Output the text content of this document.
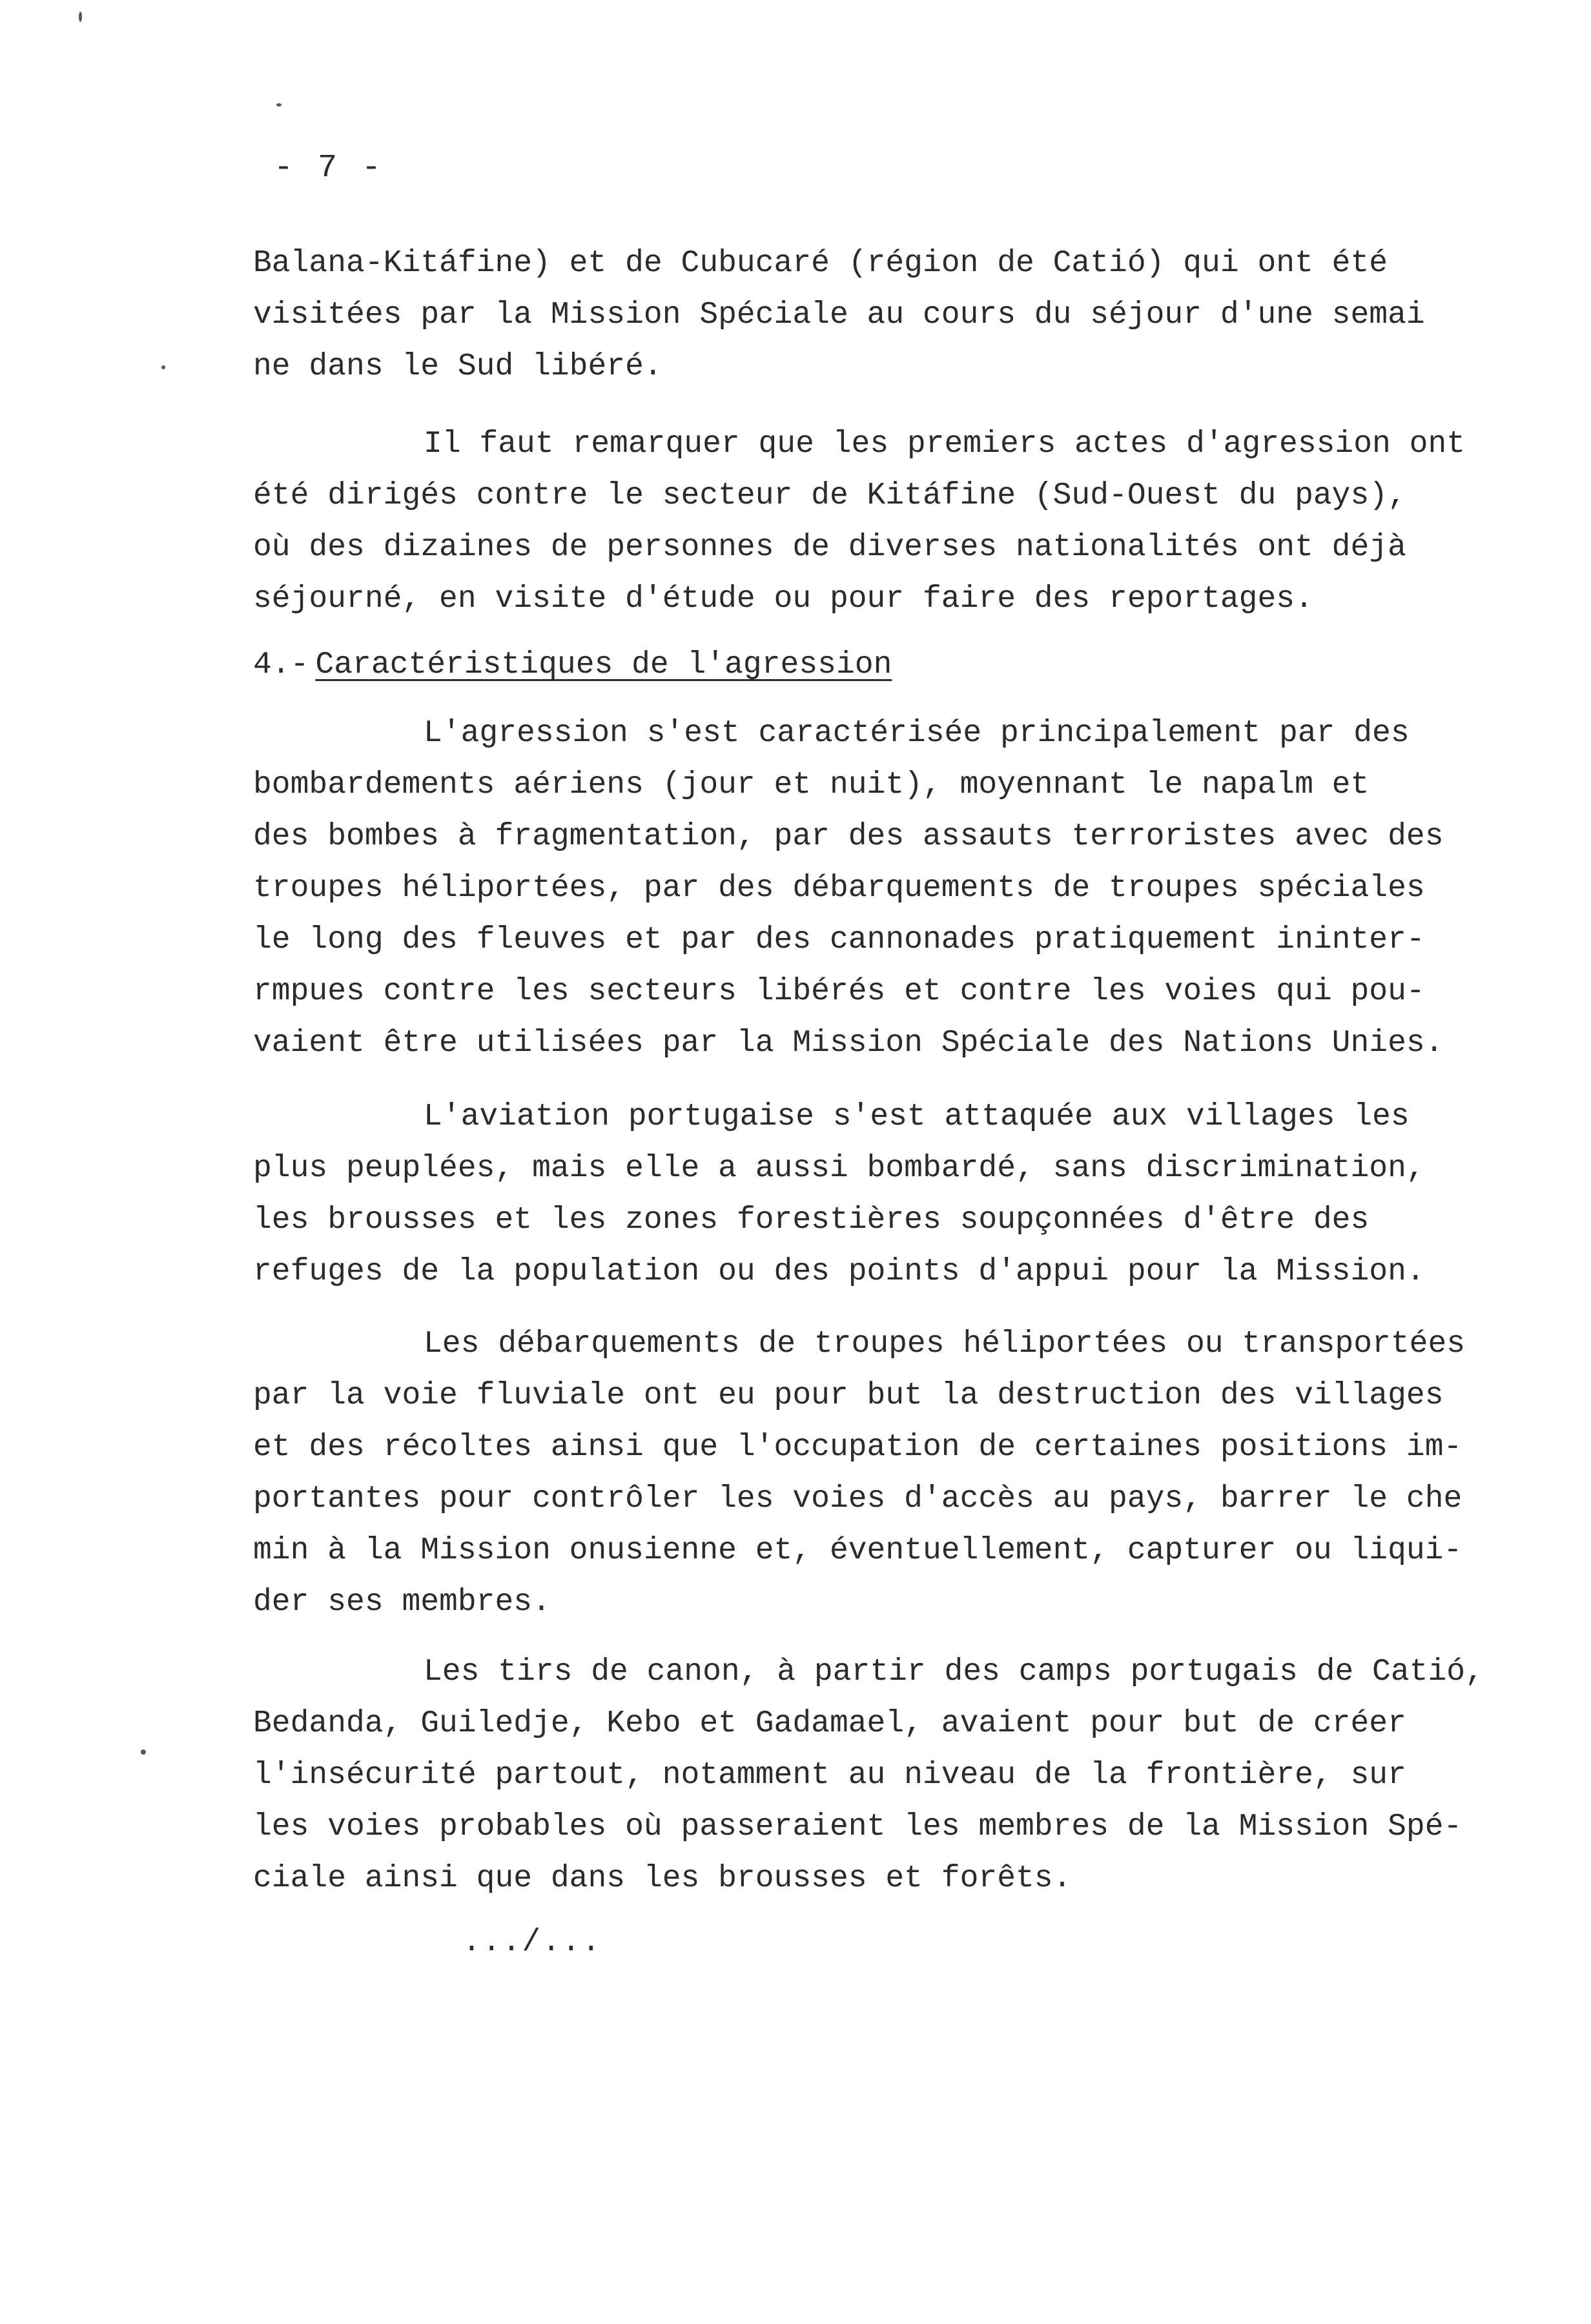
- 7 -
Balana-Kitáfine) et de Cubucaré (région de Catió) qui ont été
visitées par la Mission Spéciale au cours du séjour d'une semai
ne dans le Sud libéré.
Il faut remarquer que les premiers actes d'agression ont
été dirigés contre le secteur de Kitáfine (Sud-Ouest du pays),
où des dizaines de personnes de diverses nationalités ont déjà
séjourné, en visite d'étude ou pour faire des reportages.
4.- Caractéristiques de l'agression
L'agression s'est caractérisée principalement par des
bombardements aériens (jour et nuit), moyennant le napalm et
des bombes à fragmentation, par des assauts terroristes avec des
troupes héliportées, par des débarquements de troupes spéciales
le long des fleuves et par des cannonades pratiquement ininter-
rmpues contre les secteurs libérés et contre les voies qui pou-
vaient être utilisées par la Mission Spéciale des Nations Unies.
L'aviation portugaise s'est attaquée aux villages les
plus peuplées, mais elle a aussi bombardé, sans discrimination,
les brousses et les zones forestières soupçonnées d'être des
refuges de la population ou des points d'appui pour la Mission.
Les débarquements de troupes héliportées ou transportées
par la voie fluviale ont eu pour but la destruction des villages
et des récoltes ainsi que l'occupation de certaines positions im-
portantes pour contrôler les voies d'accès au pays, barrer le che
min à la Mission onusienne et, éventuellement, capturer ou liqui-
der ses membres.
Les tirs de canon, à partir des camps portugais de Catió,
Bedanda, Guiledje, Kebo et Gadamael, avaient pour but de créer
l'insécurité partout, notamment au niveau de la frontière, sur
les voies probables où passeraient les membres de la Mission Spé-
ciale ainsi que dans les brousses et forêts.
.../...
